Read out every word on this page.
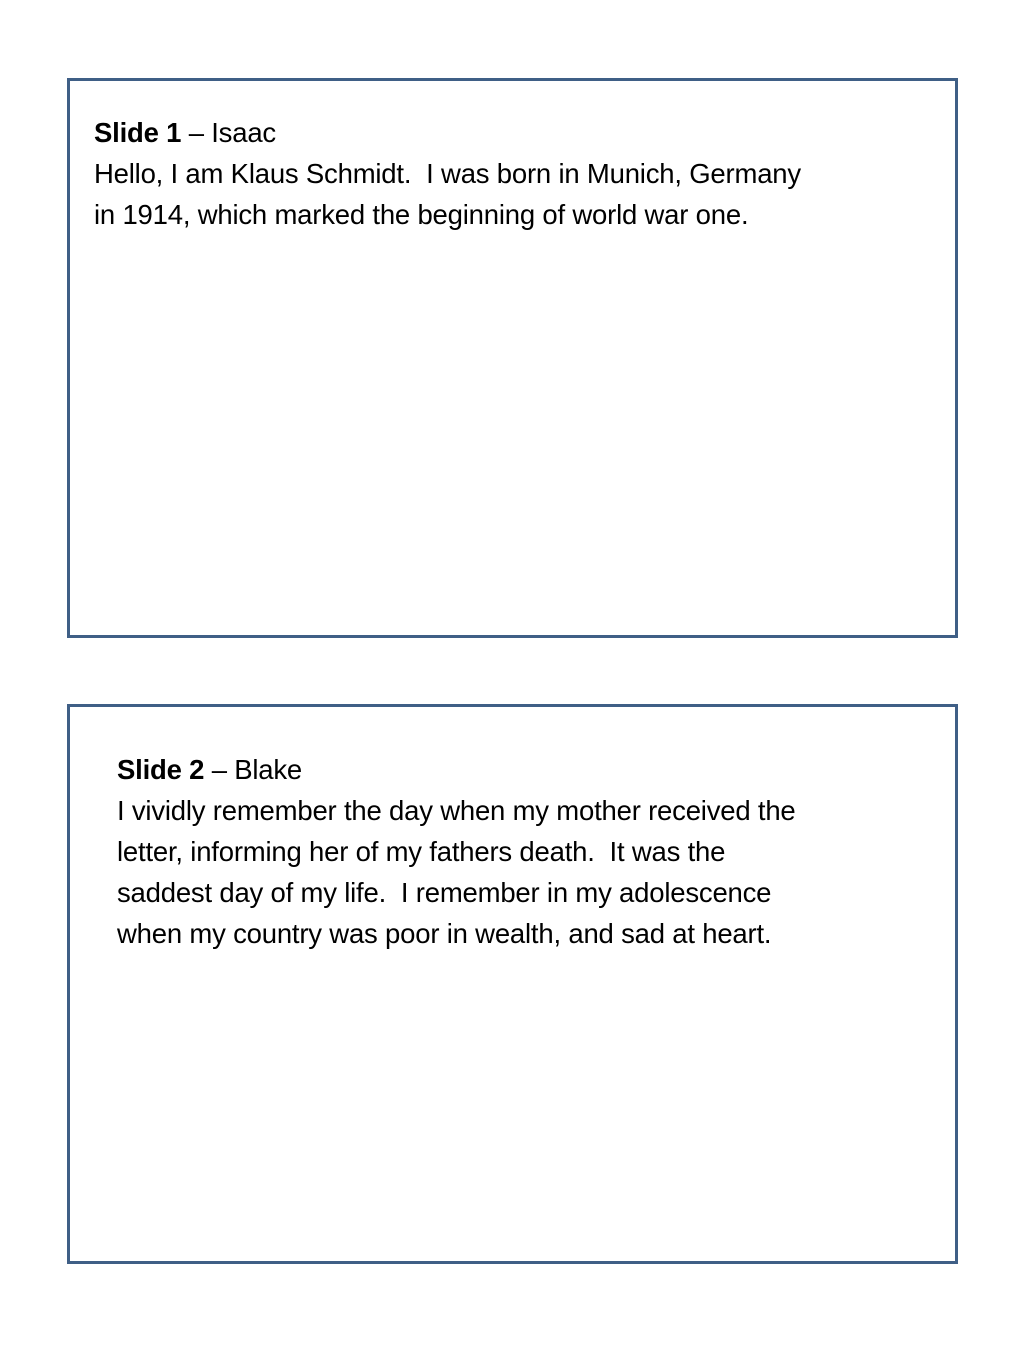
Slide 1 – Isaac
Hello, I am Klaus Schmidt.  I was born in Munich, Germany
in 1914, which marked the beginning of world war one.
Slide 2 – Blake
I vividly remember the day when my mother received the
letter, informing her of my fathers death.  It was the
saddest day of my life.  I remember in my adolescence
when my country was poor in wealth, and sad at heart.
